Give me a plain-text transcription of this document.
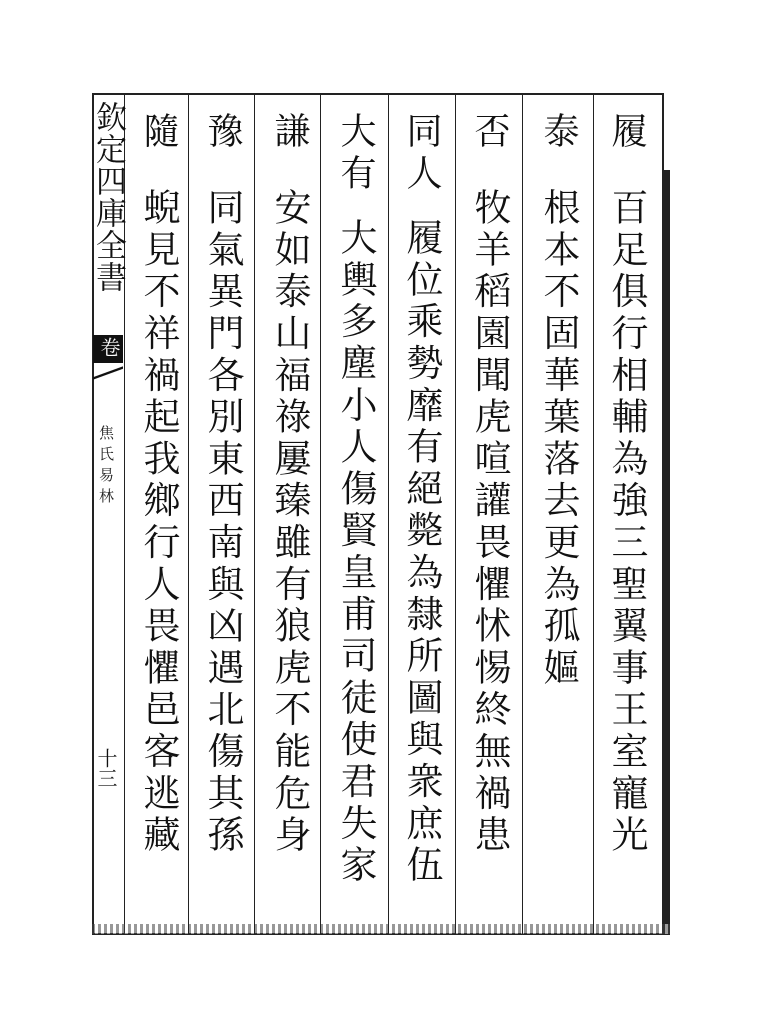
欽定四庫全書
卷
焦氏易林
十三
履
百足俱行相輔為強三聖翼事王室寵光
泰
根本不固華葉落去更為孤嫗
否
牧羊稻園聞虎喧讙畏懼怵惕終無禍患
同人
履位乘勢靡有絕斃為隸所圖與衆庶伍
大有
大輿多塵小人傷賢皇甫司徒使君失家
謙
安如泰山福祿屢臻雖有狼虎不能危身
豫
同氣異門各別東西南與凶遇北傷其孫
隨
蜺見不祥禍起我鄉行人畏懼邑客逃藏
